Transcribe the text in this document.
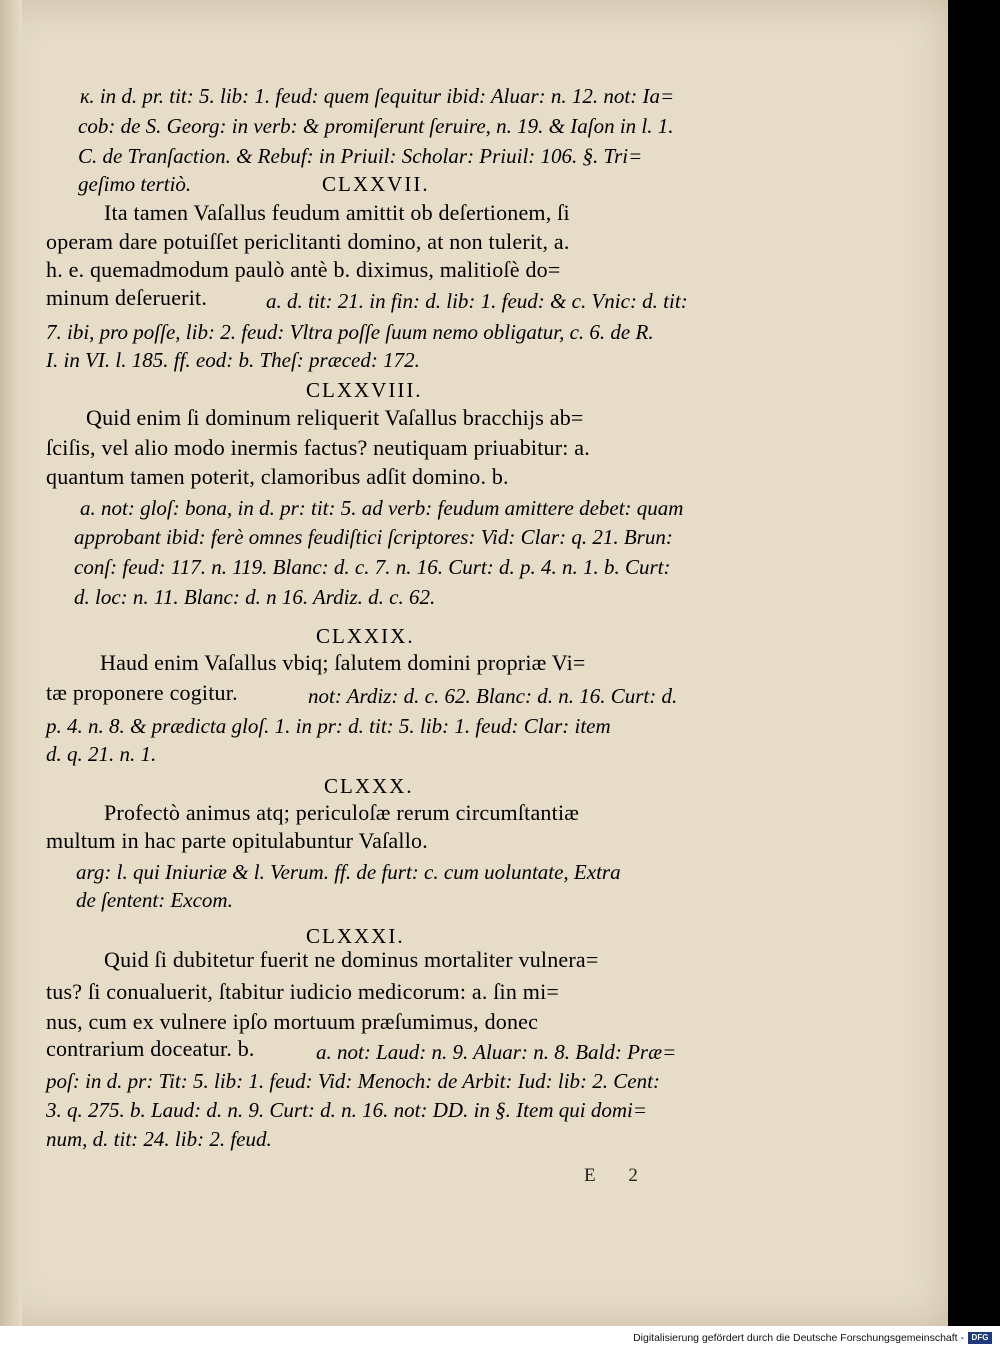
ĸ. in d. pr. tit: 5. lib: 1. feud: quem ſequitur ibid: Aluar: n. 12. not: Ia=
cob: de S. Georg: in verb: & promiſerunt ſeruire, n. 19. & Iaſon in l. 1.
C. de Tranſaction. & Rebuf: in Priuil: Scholar: Priuil: 106. §. Tri=
geſimo tertiò.	CLXXVII.
Ita tamen Vaſallus feudum amittit ob deſertionem, ſi
operam dare potuiſſet periclitanti domino, at non tulerit, a.
h. e. quemadmodum paulò antè b. diximus, malitioſè do=
minum deſeruerit.	a. d. tit: 21. in fin: d. lib: 1. feud: & c. Vnic: d. tit:
7. ibi, pro poſſe, lib: 2. feud: Vltra poſſe ſuum nemo obligatur, c. 6. de R.
I. in VI. l. 185. ff. eod: b. Theſ: præced: 172.
CLXXVIII.
Quid enim ſi dominum reliquerit Vaſallus bracchijs ab=
ſciſis, vel alio modo inermis factus? neutiquam priuabitur: a.
quantum tamen poterit, clamoribus adſit domino. b.
a. not: gloſ: bona, in d. pr: tit: 5. ad verb: feudum amittere debet: quam
approbant ibid: ferè omnes feudiſtici ſcriptores: Vid: Clar: q. 21. Brun:
conſ: feud: 117. n. 119. Blanc: d. c. 7. n. 16. Curt: d. p. 4. n. 1. b. Curt:
d. loc: n. 11. Blanc: d. n 16. Ardiz. d. c. 62.
CLXXIX.
Haud enim Vaſallus vbiq; ſalutem domini propriæ Vi=
tæ proponere cogitur.	not: Ardiz: d. c. 62. Blanc: d. n. 16. Curt: d.
p. 4. n. 8. & prædicta gloſ. 1. in pr: d. tit: 5. lib: 1. feud: Clar: item
d. q. 21. n. 1.
CLXXX.
Profectò animus atq; periculoſæ rerum circumſtantiæ
multum in hac parte opitulabuntur Vaſallo.
arg: l. qui Iniuriæ & l. Verum. ff. de furt: c. cum uoluntate, Extra
de ſentent: Excom.
CLXXXI.
Quid ſi dubitetur fuerit ne dominus mortaliter vulnera=
tus? ſi conualuerit, ſtabitur iudicio medicorum: a. ſin mi=
nus, cum ex vulnere ipſo mortuum præſumimus, donec
contrarium doceatur. b.	a. not: Laud: n. 9. Aluar: n. 8. Bald: Præ=
poſ: in d. pr: Tit: 5. lib: 1. feud: Vid: Menoch: de Arbit: Iud: lib: 2. Cent:
3. q. 275. b. Laud: d. n. 9. Curt: d. n. 16. not: DD. in §. Item qui domi=
num, d. tit: 24. lib: 2. feud.
E 2
Digitalisierung gefördert durch die Deutsche Forschungsgemeinschaft - DFG
